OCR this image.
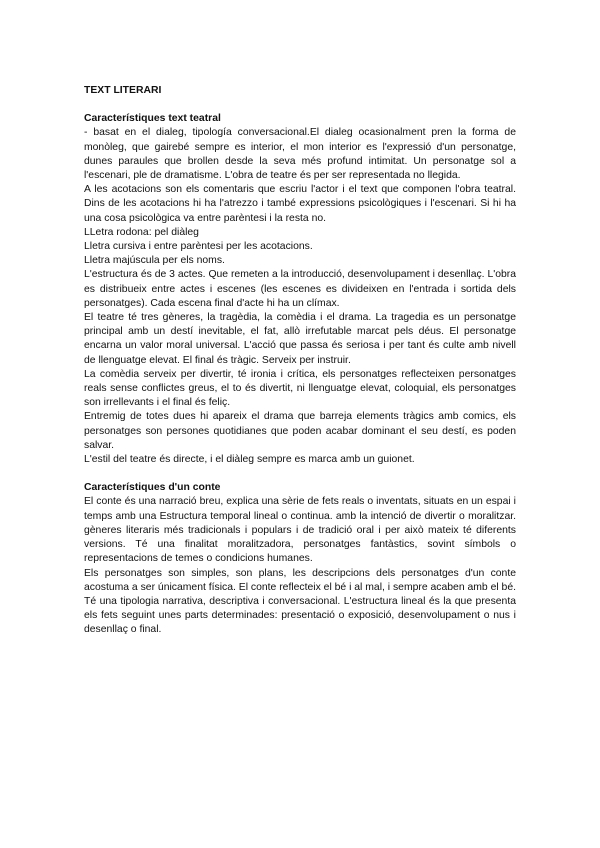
TEXT LITERARI
Característiques text teatral

- basat en el dialeg, tipología conversacional.El dialeg ocasionalment pren la forma de monòleg, que gairebé sempre es interior, el mon interior es l'expressió d'un personatge, dunes paraules que brollen desde la seva més profund intimitat. Un personatge sol a l'escenari, ple de dramatisme. L'obra de teatre és per ser representada no llegida.

A les acotacions son els comentaris que escriu l'actor i el text que componen l'obra teatral. Dins de les acotacions hi ha l'atrezzo i també expressions psicològiques i l'escenari. Si hi ha una cosa psicològica va entre parèntesi i la resta no.

LLetra rodona: pel diàleg

Lletra cursiva i entre parèntesi per les acotacions.

Lletra majúscula per els noms.

L'estructura és de 3 actes. Que remeten a la introducció, desenvolupament i desenllaç. L'obra es distribueix entre actes i escenes (les escenes es divideixen en l'entrada i sortida dels personatges). Cada escena final d'acte hi ha un clímax.

El teatre té tres gèneres, la tragèdia, la comèdia i el drama. La tragedia es un personatge principal amb un destí inevitable, el fat, allò irrefutable marcat pels déus. El personatge encarna un valor moral universal. L'acció que passa és seriosa i per tant és culte amb nivell de llenguatge elevat. El final és tràgic. Serveix per instruir.

La comèdia serveix per divertir, té ironia i crítica, els personatges reflecteixen personatges reals sense conflictes greus, el to és divertit, ni llenguatge elevat, coloquial, els personatges son irrellevants i el final és feliç.

Entremig de totes dues hi apareix el drama que barreja elements tràgics amb comics, els personatges son persones quotidianes que poden acabar dominant el seu destí, es poden salvar.

L'estil del teatre és directe, i el diàleg sempre es marca amb un guionet.

Característiques d'un conte

El conte és una narració breu, explica una sèrie de fets reals o inventats, situats en un espai i temps amb una Estructura temporal lineal o continua. amb la intenció de divertir o moralitzar. gèneres literaris més tradicionals i populars i de tradició oral i per això mateix té diferents versions. Té una finalitat moralitzadora, personatges fantàstics, sovint símbols o representacions de temes o condicions humanes.

Els personatges son simples, son plans, les descripcions dels personatges d'un conte acostuma a ser únicament física. El conte reflecteix el bé i al mal, i sempre acaben amb el bé. Té una tipologia narrativa, descriptiva i conversacional. L'estructura lineal és la que presenta els fets seguint unes parts determinades: presentació o exposició, desenvolupament o nus i desenllaç o final.
